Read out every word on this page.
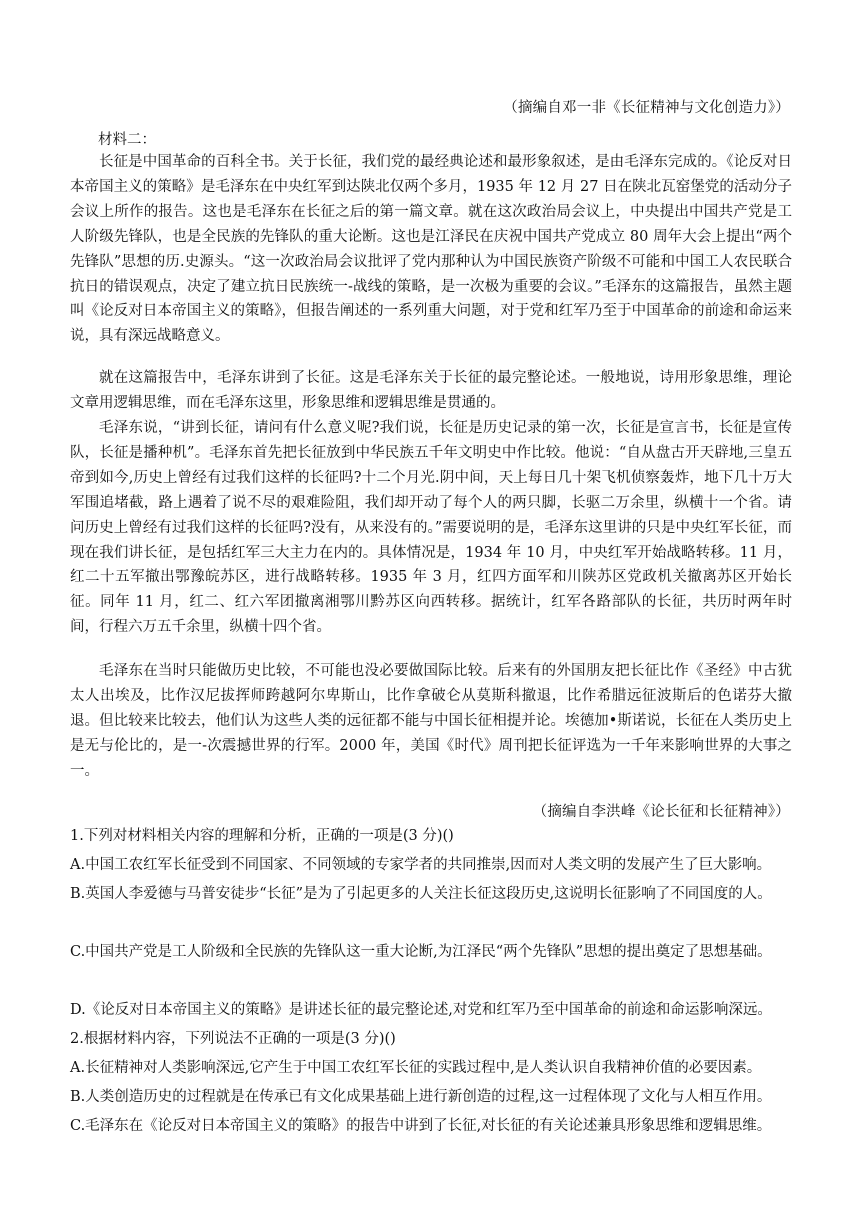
（摘编自邓一非《长征精神与文化创造力》）
材料二：

长征是中国革命的百科全书。关于长征，我们党的最经典论述和最形象叙述，是由毛泽东完成的。《论反对日本帝国主义的策略》是毛泽东在中央红军到达陕北仅两个多月，1935 年 12 月 27 日在陕北瓦窑堡党的活动分子会议上所作的报告。这也是毛泽东在长征之后的第一篇文章。就在这次政治局会议上，中央提出中国共产党是工人阶级先锋队，也是全民族的先锋队的重大论断。这也是江泽民在庆祝中国共产党成立 80 周年大会上提出“两个先锋队”思想的历.史源头。“这一次政治局会议批评了党内那种认为中国民族资产阶级不可能和中国工人农民联合抗日的错误观点，决定了建立抗日民族统一-战线的策略，是一次极为重要的会议。”毛泽东的这篇报告，虽然主题叫《论反对日本帝国主义的策略》，但报告阐述的一系列重大问题，对于党和红军乃至于中国革命的前途和命运来说，具有深远战略意义。

就在这篇报告中，毛泽东讲到了长征。这是毛泽东关于长征的最完整论述。一般地说，诗用形象思维，理论文章用逻辑思维，而在毛泽东这里，形象思维和逻辑思维是贯通的。

毛泽东说，“讲到长征，请问有什么意义呢?我们说，长征是历史记录的第一次，长征是宣言书，长征是宣传队，长征是播种机”。毛泽东首先把长征放到中华民族五千年文明史中作比较。他说：“自从盘古开天辟地,三皇五帝到如今,历史上曾经有过我们这样的长征吗?十二个月光.阴中间，天上每日几十架飞机侦察轰炸，地下几十万大军围追堵截，路上遇着了说不尽的艰难险阻，我们却开动了每个人的两只脚，长驱二万余里，纵横十一个省。请问历史上曾经有过我们这样的长征吗?没有，从来没有的。”需要说明的是，毛泽东这里讲的只是中央红军长征，而现在我们讲长征，是包括红军三大主力在内的。具体情况是，1934 年 10 月，中央红军开始战略转移。11 月，红二十五军撤出鄂豫皖苏区，进行战略转移。1935 年 3 月，红四方面军和川陕苏区党政机关撤离苏区开始长征。同年 11 月，红二、红六军团撤离湘鄂川黔苏区向西转移。据统计，红军各路部队的长征，共历时两年时间，行程六万五千余里，纵横十四个省。

毛泽东在当时只能做历史比较，不可能也没必要做国际比较。后来有的外国朋友把长征比作《圣经》中古犹太人出埃及，比作汉尼拔挥师跨越阿尔卑斯山，比作拿破仑从莫斯科撤退，比作希腊远征波斯后的色诺芬大撤退。但比较来比较去，他们认为这些人类的远征都不能与中国长征相提并论。埃德加•斯诺说，长征在人类历史上是无与伦比的，是一-次震撼世界的行军。2000 年，美国《时代》周刊把长征评选为一千年来影响世界的大事之一。

（摘编自李洪峰《论长征和长征精神》）

1.下列对材料相关内容的理解和分析，正确的一项是(3 分)()

A.中国工农红军长征受到不同国家、不同领域的专家学者的共同推崇,因而对人类文明的发展产生了巨大影响。

B.英国人李爱德与马普安徒步“长征”是为了引起更多的人关注长征这段历史,这说明长征影响了不同国度的人。

C.中国共产党是工人阶级和全民族的先锋队这一重大论断,为江泽民“两个先锋队”思想的提出奠定了思想基础。

D.《论反对日本帝国主义的策略》是讲述长征的最完整论述,对党和红军乃至中国革命的前途和命运影响深远。

2.根据材料内容，下列说法不正确的一项是(3 分)()

A.长征精神对人类影响深远,它产生于中国工农红军长征的实践过程中,是人类认识自我精神价值的必要因素。

B.人类创造历史的过程就是在传承已有文化成果基础上进行新创造的过程,这一过程体现了文化与人相互作用。

C.毛泽东在《论反对日本帝国主义的策略》的报告中讲到了长征,对长征的有关论述兼具形象思维和逻辑思维。
